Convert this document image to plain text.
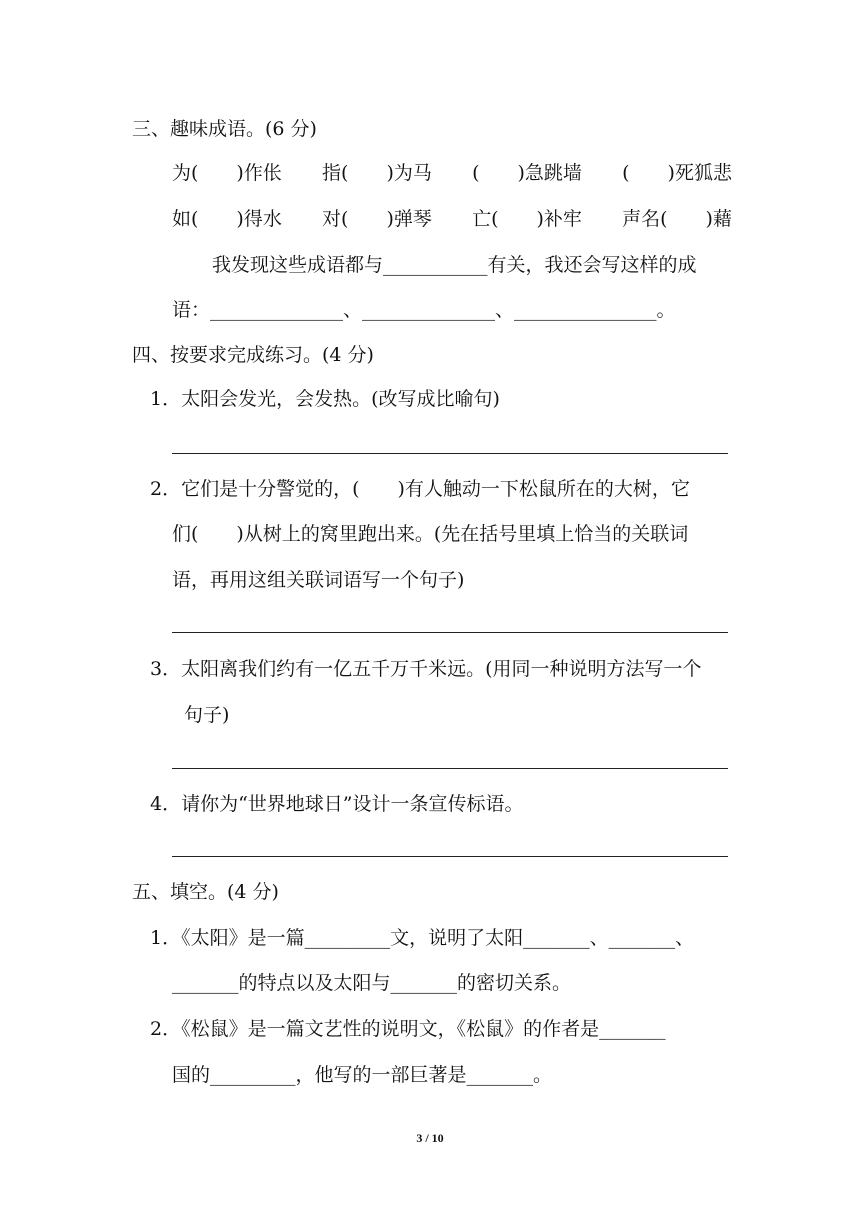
三、趣味成语。(6 分)
为(　　)作伥 指(　　)为马 (　　)急跳墙 (　　)死狐悲
如(　　)得水 对(　　)弹琴 亡(　　)补牢 声名(　　)藉
我发现这些成语都与___________有关，我还会写这样的成
语：______________、______________、_______________。
四、按要求完成练习。(4 分)
1．太阳会发光，会发热。(改写成比喻句)
2．它们是十分警觉的，(　　)有人触动一下松鼠所在的大树，它
们(　　)从树上的窝里跑出来。(先在括号里填上恰当的关联词
语，再用这组关联词语写一个句子)
3．太阳离我们约有一亿五千万千米远。(用同一种说明方法写一个
句子)
4．请你为“世界地球日”设计一条宣传标语。
五、填空。(4 分)
1．《太阳》是一篇_________文，说明了太阳_______、_______、
_______的特点以及太阳与_______的密切关系。
2．《松鼠》是一篇文艺性的说明文，《松鼠》的作者是_______
国的_________，他写的一部巨著是_______。
3 / 10
